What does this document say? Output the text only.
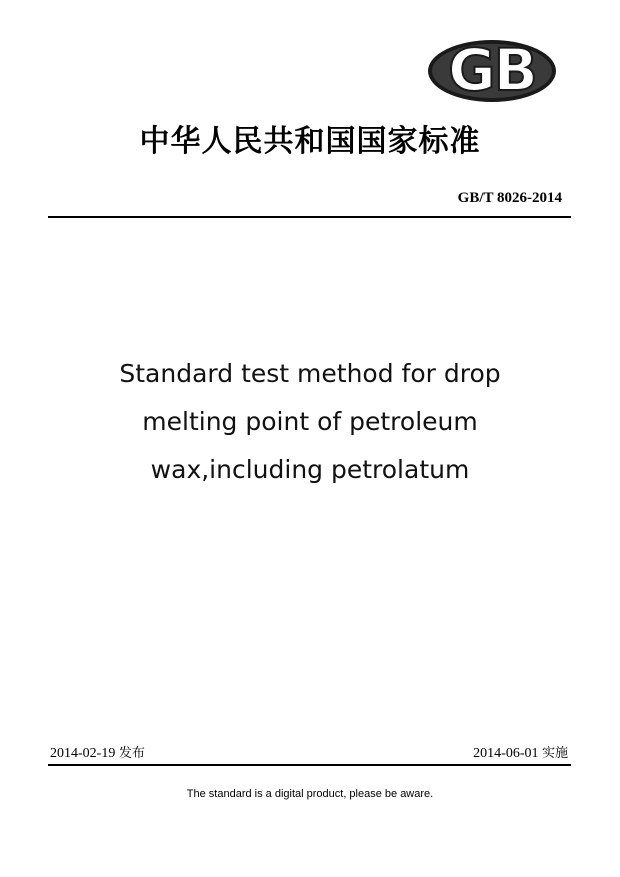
GB
中华人民共和国国家标准
GB/T 8026-2014
Standard test method for drop
melting point of petroleum
wax,including petrolatum
2014-02-19 发布	2014-06-01 实施
The standard is a digital product, please be aware.
